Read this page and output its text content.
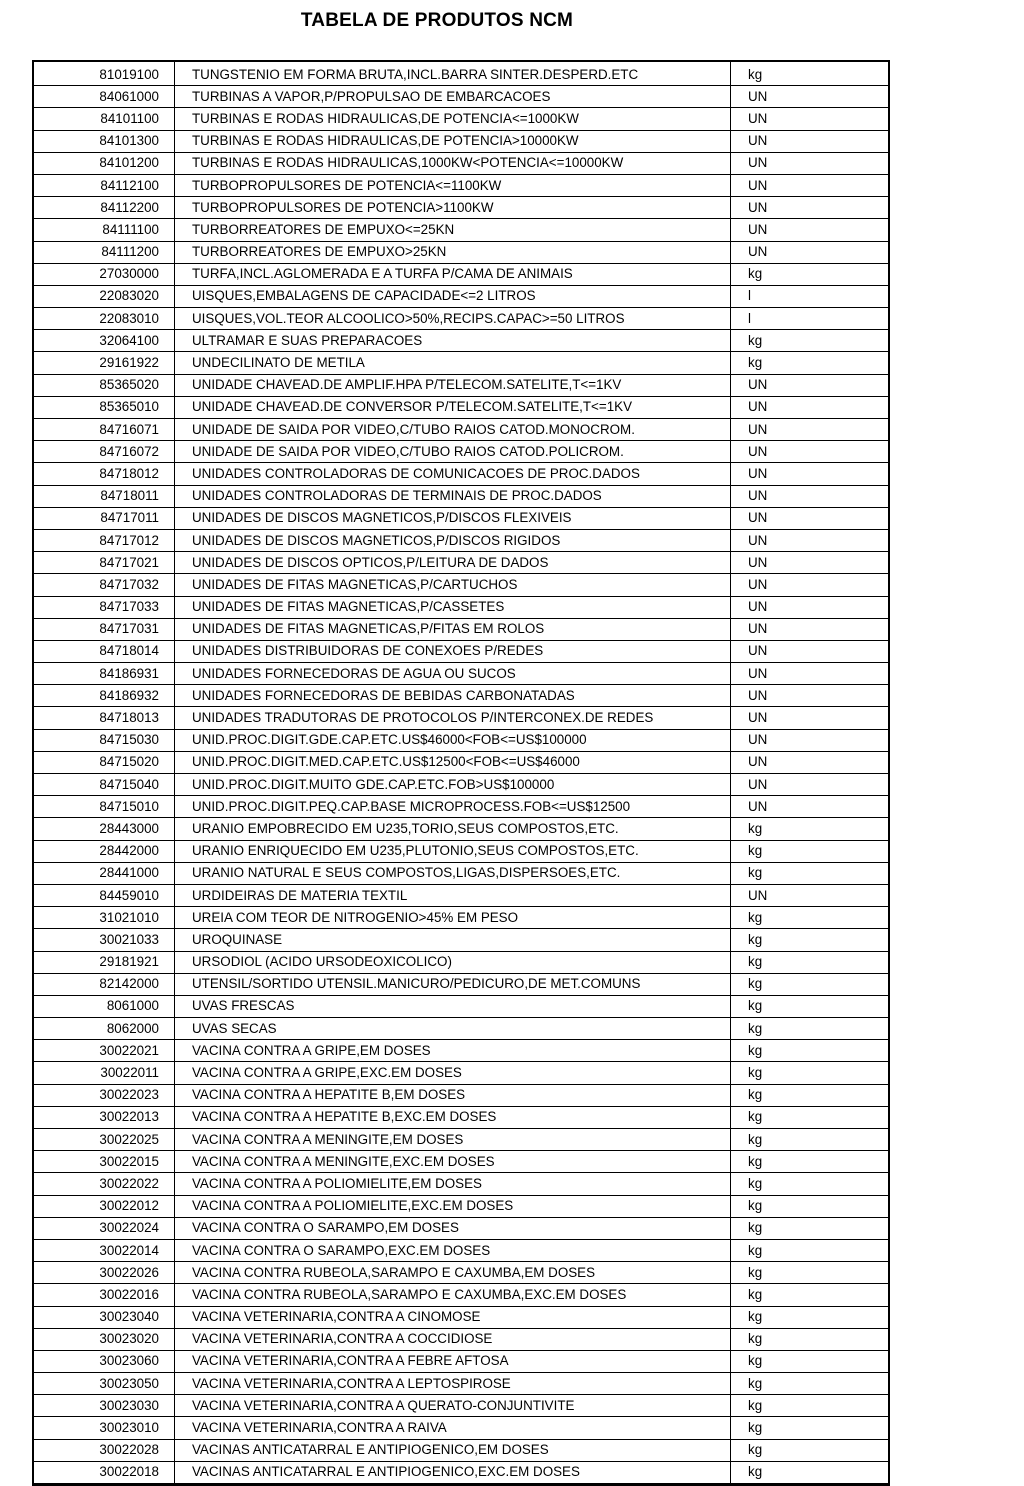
TABELA DE PRODUTOS NCM
81019100	TUNGSTENIO EM FORMA BRUTA,INCL.BARRA SINTER.DESPERD.ETC	kg
84061000	TURBINAS A VAPOR,P/PROPULSAO DE EMBARCACOES	UN
84101100	TURBINAS E RODAS HIDRAULICAS,DE POTENCIA<=1000KW	UN
84101300	TURBINAS E RODAS HIDRAULICAS,DE POTENCIA>10000KW	UN
84101200	TURBINAS E RODAS HIDRAULICAS,1000KW<POTENCIA<=10000KW	UN
84112100	TURBOPROPULSORES DE POTENCIA<=1100KW	UN
84112200	TURBOPROPULSORES DE POTENCIA>1100KW	UN
84111100	TURBORREATORES DE EMPUXO<=25KN	UN
84111200	TURBORREATORES DE EMPUXO>25KN	UN
27030000	TURFA,INCL.AGLOMERADA E A TURFA P/CAMA DE ANIMAIS	kg
22083020	UISQUES,EMBALAGENS DE CAPACIDADE<=2 LITROS	l
22083010	UISQUES,VOL.TEOR ALCOOLICO>50%,RECIPS.CAPAC>=50 LITROS	l
32064100	ULTRAMAR E SUAS PREPARACOES	kg
29161922	UNDECILINATO DE METILA	kg
85365020	UNIDADE CHAVEAD.DE AMPLIF.HPA P/TELECOM.SATELITE,T<=1KV	UN
85365010	UNIDADE CHAVEAD.DE CONVERSOR P/TELECOM.SATELITE,T<=1KV	UN
84716071	UNIDADE DE SAIDA POR VIDEO,C/TUBO RAIOS CATOD.MONOCROM.	UN
84716072	UNIDADE DE SAIDA POR VIDEO,C/TUBO RAIOS CATOD.POLICROM.	UN
84718012	UNIDADES CONTROLADORAS DE COMUNICACOES DE PROC.DADOS	UN
84718011	UNIDADES CONTROLADORAS DE TERMINAIS DE PROC.DADOS	UN
84717011	UNIDADES DE DISCOS MAGNETICOS,P/DISCOS FLEXIVEIS	UN
84717012	UNIDADES DE DISCOS MAGNETICOS,P/DISCOS RIGIDOS	UN
84717021	UNIDADES DE DISCOS OPTICOS,P/LEITURA DE DADOS	UN
84717032	UNIDADES DE FITAS MAGNETICAS,P/CARTUCHOS	UN
84717033	UNIDADES DE FITAS MAGNETICAS,P/CASSETES	UN
84717031	UNIDADES DE FITAS MAGNETICAS,P/FITAS EM ROLOS	UN
84718014	UNIDADES DISTRIBUIDORAS DE CONEXOES P/REDES	UN
84186931	UNIDADES FORNECEDORAS DE AGUA OU SUCOS	UN
84186932	UNIDADES FORNECEDORAS DE BEBIDAS CARBONATADAS	UN
84718013	UNIDADES TRADUTORAS DE PROTOCOLOS P/INTERCONEX.DE REDES	UN
84715030	UNID.PROC.DIGIT.GDE.CAP.ETC.US$46000<FOB<=US$100000	UN
84715020	UNID.PROC.DIGIT.MED.CAP.ETC.US$12500<FOB<=US$46000	UN
84715040	UNID.PROC.DIGIT.MUITO GDE.CAP.ETC.FOB>US$100000	UN
84715010	UNID.PROC.DIGIT.PEQ.CAP.BASE MICROPROCESS.FOB<=US$12500	UN
28443000	URANIO EMPOBRECIDO EM U235,TORIO,SEUS COMPOSTOS,ETC.	kg
28442000	URANIO ENRIQUECIDO EM U235,PLUTONIO,SEUS COMPOSTOS,ETC.	kg
28441000	URANIO NATURAL E SEUS COMPOSTOS,LIGAS,DISPERSOES,ETC.	kg
84459010	URDIDEIRAS DE MATERIA TEXTIL	UN
31021010	UREIA COM TEOR DE NITROGENIO>45% EM PESO	kg
30021033	UROQUINASE	kg
29181921	URSODIOL (ACIDO URSODEOXICOLICO)	kg
82142000	UTENSIL/SORTIDO UTENSIL.MANICURO/PEDICURO,DE MET.COMUNS	kg
8061000	UVAS FRESCAS	kg
8062000	UVAS SECAS	kg
30022021	VACINA CONTRA A GRIPE,EM DOSES	kg
30022011	VACINA CONTRA A GRIPE,EXC.EM DOSES	kg
30022023	VACINA CONTRA A HEPATITE B,EM DOSES	kg
30022013	VACINA CONTRA A HEPATITE B,EXC.EM DOSES	kg
30022025	VACINA CONTRA A MENINGITE,EM DOSES	kg
30022015	VACINA CONTRA A MENINGITE,EXC.EM DOSES	kg
30022022	VACINA CONTRA A POLIOMIELITE,EM DOSES	kg
30022012	VACINA CONTRA A POLIOMIELITE,EXC.EM DOSES	kg
30022024	VACINA CONTRA O SARAMPO,EM DOSES	kg
30022014	VACINA CONTRA O SARAMPO,EXC.EM DOSES	kg
30022026	VACINA CONTRA RUBEOLA,SARAMPO E CAXUMBA,EM DOSES	kg
30022016	VACINA CONTRA RUBEOLA,SARAMPO E CAXUMBA,EXC.EM DOSES	kg
30023040	VACINA VETERINARIA,CONTRA A CINOMOSE	kg
30023020	VACINA VETERINARIA,CONTRA A COCCIDIOSE	kg
30023060	VACINA VETERINARIA,CONTRA A FEBRE AFTOSA	kg
30023050	VACINA VETERINARIA,CONTRA A LEPTOSPIROSE	kg
30023030	VACINA VETERINARIA,CONTRA A QUERATO-CONJUNTIVITE	kg
30023010	VACINA VETERINARIA,CONTRA A RAIVA	kg
30022028	VACINAS ANTICATARRAL E ANTIPIOGENICO,EM DOSES	kg
30022018	VACINAS ANTICATARRAL E ANTIPIOGENICO,EXC.EM DOSES	kg
